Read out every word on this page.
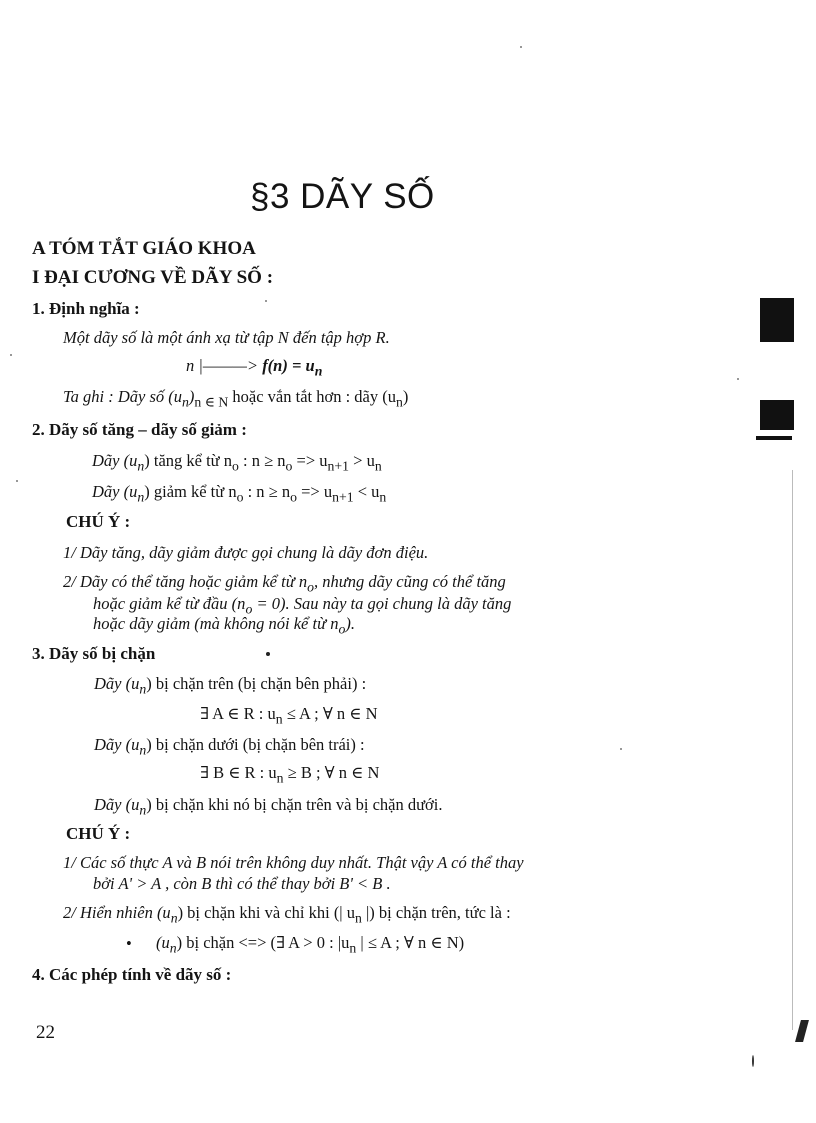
§3 DÃY SỐ
A TÓM TẮT GIÁO KHOA
I ĐẠI CƯƠNG VỀ DÃY SỐ :
1. Định nghĩa :
Một dãy số là một ánh xạ từ tập N đến tập hợp R.
n |———> $f(n) = u_n$
Ta ghi : Dãy số $(u_n)_{n \in N}$ hoặc vắn tắt hơn : dãy $(u_n)$
2. Dãy số tăng – dãy số giảm :
Dãy $(u_n)$ tăng kể từ $n_o$ : $n \ge n_o => u_{n+1} > u_n$
Dãy $(u_n)$ giảm kể từ $n_o$ : $n \ge n_o => u_{n+1} < u_n$
CHÚ Ý :
1/ Dãy tăng, dãy giảm được gọi chung là dãy đơn điệu.
2/ Dãy có thể tăng hoặc giảm kể từ $n_o$, nhưng dãy cũng có thể tăng
hoặc giảm kể từ đầu $(n_o = 0)$. Sau này ta gọi chung là dãy tăng
hoặc dãy giảm (mà không nói kể từ $n_o$).
3. Dãy số bị chặn
Dãy $(u_n)$ bị chặn trên (bị chặn bên phải) :
∃ A ∈ R : $u_n \le A$ ; ∀ n ∈ N
Dãy $(u_n)$ bị chặn dưới (bị chặn bên trái) :
∃ B ∈ R : $u_n \ge B$ ; ∀ n ∈ N
Dãy $(u_n)$ bị chặn khi nó bị chặn trên và bị chặn dưới.
CHÚ Ý :
1/ Các số thực A và B nói trên không duy nhất. Thật vậy A có thể thay
bởi A' > A , còn B thì có thể thay bởi B' < B .
2/ Hiển nhiên $(u_n)$ bị chặn khi và chỉ khi (| $u_n$ |) bị chặn trên, tức là :
• $(u_n)$ bị chặn <=> (∃ A > 0 : $|u_n$ | ≤ A ; ∀ n ∈ N)
4. Các phép tính về dãy số :
22
